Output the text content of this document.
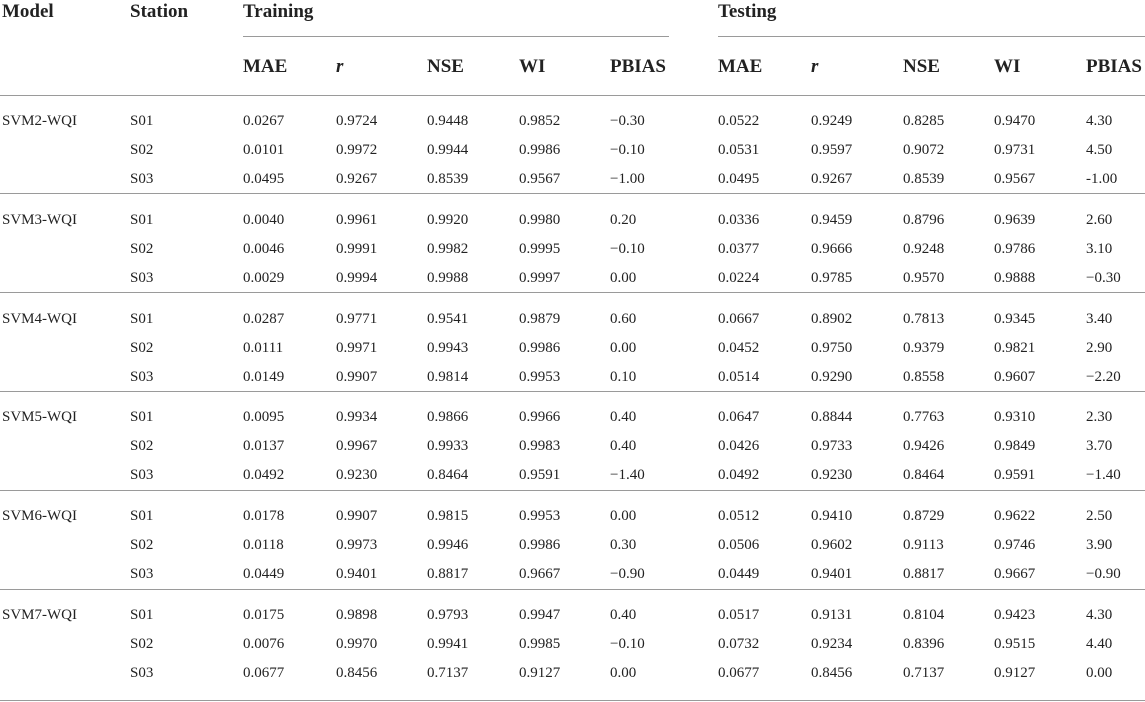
Model	Station	Training	Testing
MAE	r	NSE	WI	PBIAS	MAE	r	NSE	WI	PBIAS
SVM2-WQI	S01	0.0267	0.9724	0.9448	0.9852	−0.30	0.0522	0.9249	0.8285	0.9470	4.30
S02	0.0101	0.9972	0.9944	0.9986	−0.10	0.0531	0.9597	0.9072	0.9731	4.50
S03	0.0495	0.9267	0.8539	0.9567	−1.00	0.0495	0.9267	0.8539	0.9567	-1.00
SVM3-WQI	S01	0.0040	0.9961	0.9920	0.9980	0.20	0.0336	0.9459	0.8796	0.9639	2.60
S02	0.0046	0.9991	0.9982	0.9995	−0.10	0.0377	0.9666	0.9248	0.9786	3.10
S03	0.0029	0.9994	0.9988	0.9997	0.00	0.0224	0.9785	0.9570	0.9888	−0.30
SVM4-WQI	S01	0.0287	0.9771	0.9541	0.9879	0.60	0.0667	0.8902	0.7813	0.9345	3.40
S02	0.0111	0.9971	0.9943	0.9986	0.00	0.0452	0.9750	0.9379	0.9821	2.90
S03	0.0149	0.9907	0.9814	0.9953	0.10	0.0514	0.9290	0.8558	0.9607	−2.20
SVM5-WQI	S01	0.0095	0.9934	0.9866	0.9966	0.40	0.0647	0.8844	0.7763	0.9310	2.30
S02	0.0137	0.9967	0.9933	0.9983	0.40	0.0426	0.9733	0.9426	0.9849	3.70
S03	0.0492	0.9230	0.8464	0.9591	−1.40	0.0492	0.9230	0.8464	0.9591	−1.40
SVM6-WQI	S01	0.0178	0.9907	0.9815	0.9953	0.00	0.0512	0.9410	0.8729	0.9622	2.50
S02	0.0118	0.9973	0.9946	0.9986	0.30	0.0506	0.9602	0.9113	0.9746	3.90
S03	0.0449	0.9401	0.8817	0.9667	−0.90	0.0449	0.9401	0.8817	0.9667	−0.90
SVM7-WQI	S01	0.0175	0.9898	0.9793	0.9947	0.40	0.0517	0.9131	0.8104	0.9423	4.30
S02	0.0076	0.9970	0.9941	0.9985	−0.10	0.0732	0.9234	0.8396	0.9515	4.40
S03	0.0677	0.8456	0.7137	0.9127	0.00	0.0677	0.8456	0.7137	0.9127	0.00
